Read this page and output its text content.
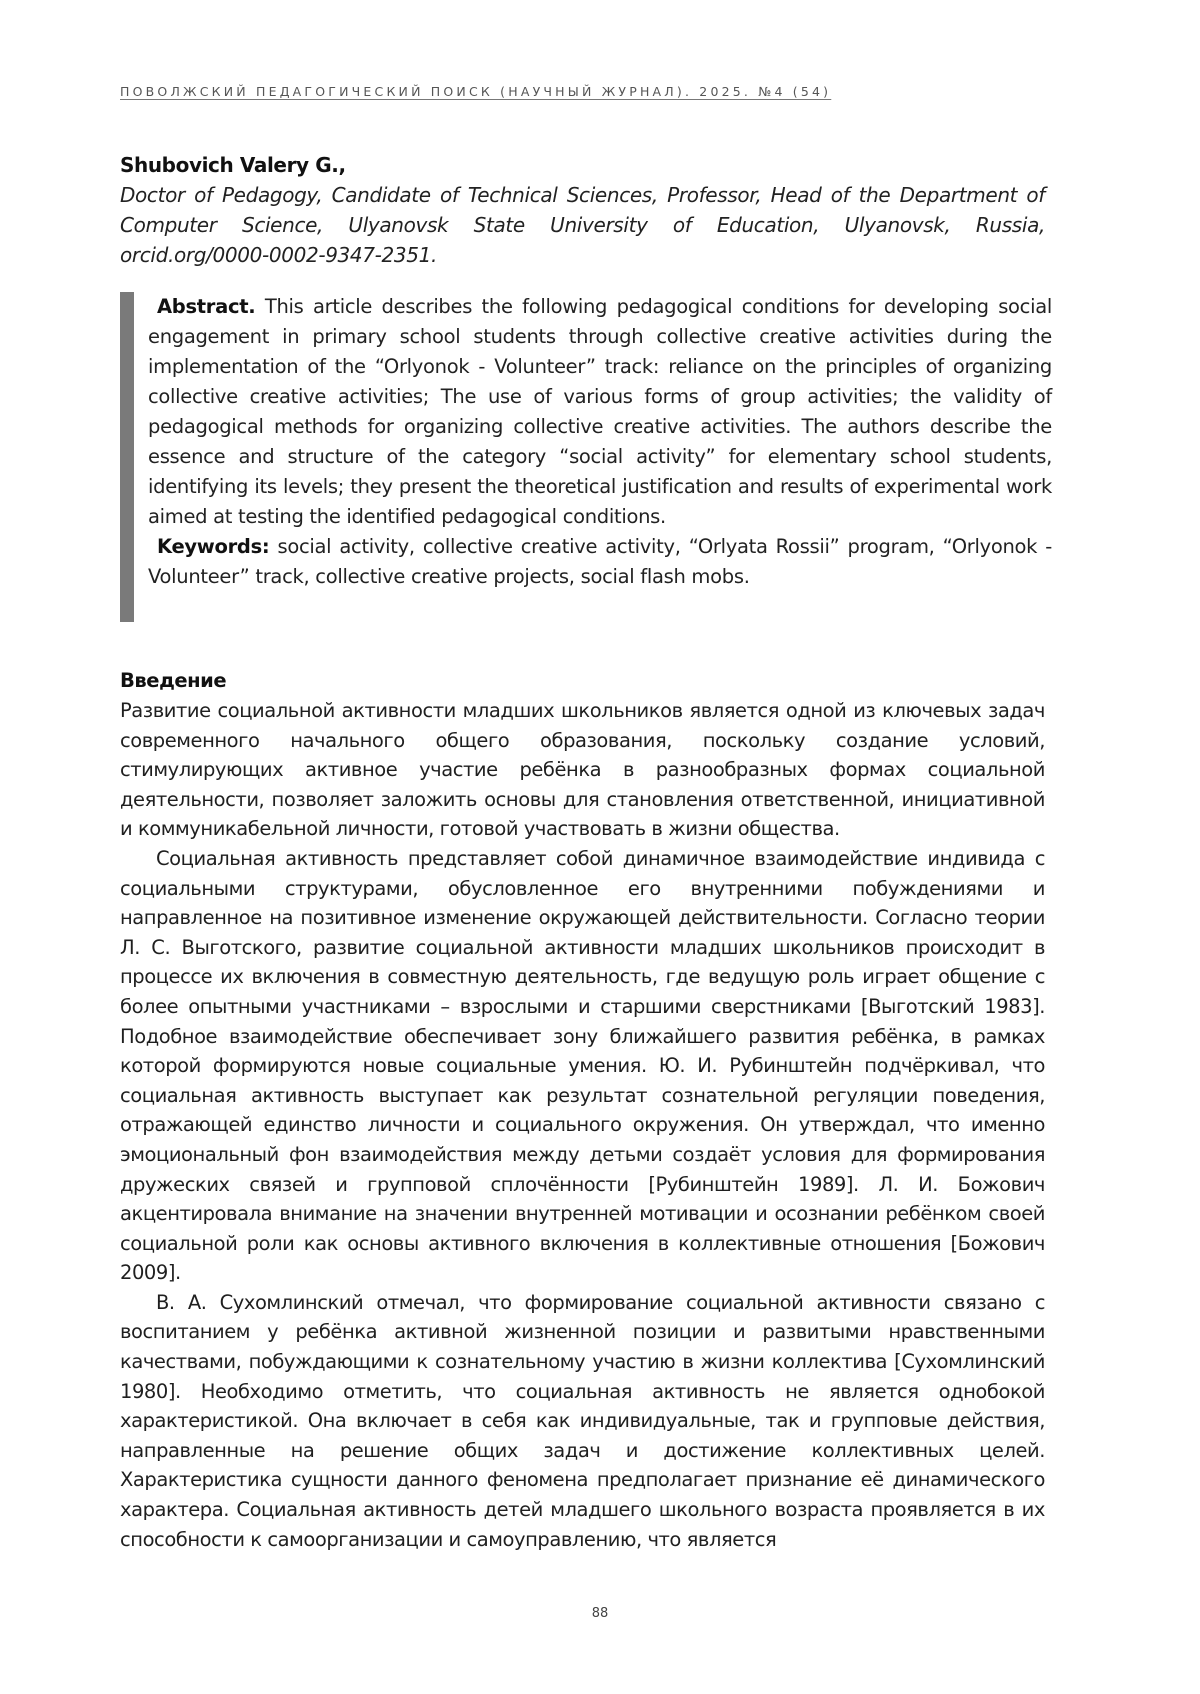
ПОВОЛЖСКИЙ ПЕДАГОГИЧЕСКИЙ ПОИСК (НАУЧНЫЙ ЖУРНАЛ). 2025. №4 (54)

Shubovich Valery G.,

Doctor of Pedagogy, Candidate of Technical Sciences, Professor, Head of the Department of Computer Science, Ulyanovsk State University of Education, Ulyanovsk, Russia, orcid.org/0000-0002-9347-2351.

Abstract. This article describes the following pedagogical conditions for developing social engagement in primary school students through collective creative activities during the implementation of the “Orlyonok - Volunteer” track: reliance on the principles of organizing collective creative activities; The use of various forms of group activities; the validity of pedagogical methods for organizing collective creative activities. The authors describe the essence and structure of the category “social activity” for elementary school students, identifying its levels; they present the theoretical justification and results of experimental work aimed at testing the identified pedagogical conditions.

Keywords: social activity, collective creative activity, “Orlyata Rossii” program, “Orlyonok - Volunteer” track, collective creative projects, social flash mobs.

Введение

Развитие социальной активности младших школьников является одной из ключевых задач современного начального общего образования, поскольку создание условий, стимулирующих активное участие ребёнка в разнообразных формах социальной деятельности, позволяет заложить основы для становления ответственной, инициативной и коммуникабельной личности, готовой участвовать в жизни общества.

Социальная активность представляет собой динамичное взаимодействие индивида с социальными структурами, обусловленное его внутренними побуждениями и направленное на позитивное изменение окружающей действительности. Согласно теории Л. С. Выготского, развитие социальной активности младших школьников происходит в процессе их включения в совместную деятельность, где ведущую роль играет общение с более опытными участниками – взрослыми и старшими сверстниками [Выготский 1983]. Подобное взаимодействие обеспечивает зону ближайшего развития ребёнка, в рамках которой формируются новые социальные умения. Ю. И. Рубинштейн подчёркивал, что социальная активность выступает как результат сознательной регуляции поведения, отражающей единство личности и социального окружения. Он утверждал, что именно эмоциональный фон взаимодействия между детьми создаёт условия для формирования дружеских связей и групповой сплочённости [Рубинштейн 1989]. Л. И. Божович акцентировала внимание на значении внутренней мотивации и осознании ребёнком своей социальной роли как основы активного включения в коллективные отношения [Божович 2009].

В. А. Сухомлинский отмечал, что формирование социальной активности связано с воспитанием у ребёнка активной жизненной позиции и развитыми нравственными качествами, побуждающими к сознательному участию в жизни коллектива [Сухомлинский 1980]. Необходимо отметить, что социальная активность не является однобокой характеристикой. Она включает в себя как индивидуальные, так и групповые действия, направленные на решение общих задач и достижение коллективных целей. Характеристика сущности данного феномена предполагает признание её динамического характера. Социальная активность детей младшего школьного возраста проявляется в их способности к самоорганизации и самоуправлению, что является

88
